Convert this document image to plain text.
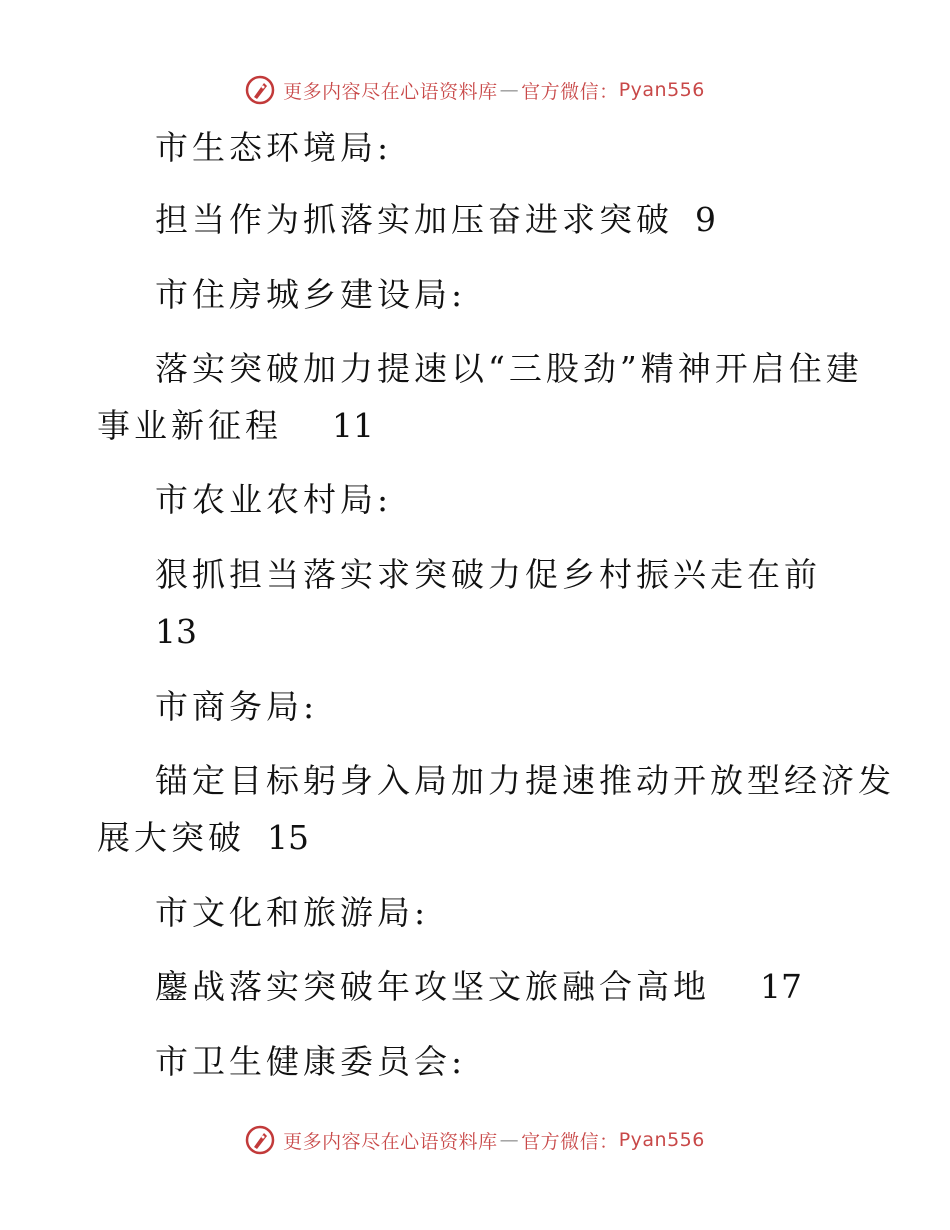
更多内容尽在心语资料库 — 官方微信： Pyan556
市生态环境局:
担当作为抓落实加压奋进求突破 9
市住房城乡建设局:
落实突破加力提速以“三股劲”精神开启住建
事业新征程 11
市农业农村局:
狠抓担当落实求突破力促乡村振兴走在前
13
市商务局:
锚定目标躬身入局加力提速推动开放型经济发
展大突破 15
市文化和旅游局:
鏖战落实突破年攻坚文旅融合高地 17
市卫生健康委员会:
更多内容尽在心语资料库 — 官方微信： Pyan556
